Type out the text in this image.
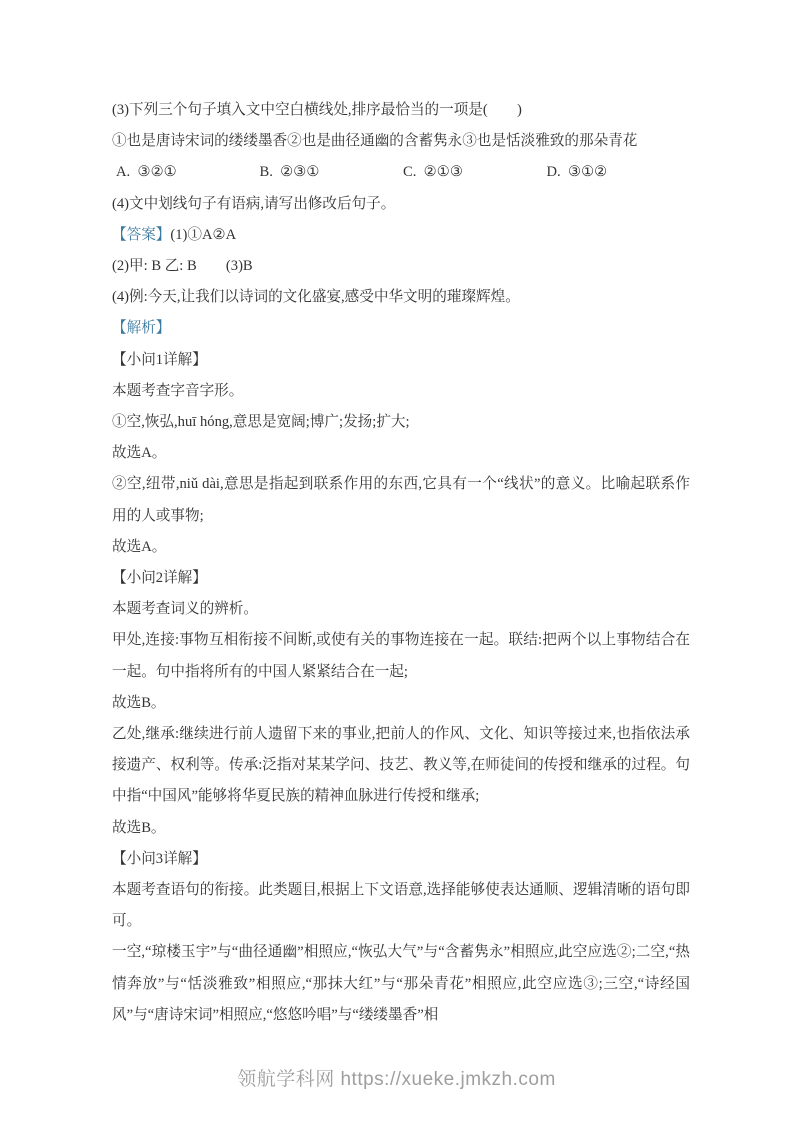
(3)下列三个句子填入文中空白横线处,排序最恰当的一项是(　　)

①也是唐诗宋词的缕缕墨香②也是曲径通幽的含蓄隽永③也是恬淡雅致的那朵青花

A.  ③②①	B.  ②③①	C.  ②①③	D.  ③①②

(4)文中划线句子有语病,请写出修改后句子。

【答案】(1)①A②A

(2)甲: B 乙: B　　(3)B

(4)例:今天,让我们以诗词的文化盛宴,感受中华文明的璀璨辉煌。

【解析】

【小问1详解】

本题考查字音字形。

①空,恢弘,huī hóng,意思是宽阔;博广;发扬;扩大;

故选A。

②空,纽带,niǔ dài,意思是指起到联系作用的东西,它具有一个“线状”的意义。比喻起联系作用的人或事物;

故选A。

【小问2详解】

本题考查词义的辨析。

甲处,连接:事物互相衔接不间断,或使有关的事物连接在一起。联结:把两个以上事物结合在一起。句中指将所有的中国人紧紧结合在一起;

故选B。

乙处,继承:继续进行前人遗留下来的事业,把前人的作风、文化、知识等接过来,也指依法承接遗产、权利等。传承:泛指对某某学问、技艺、教义等,在师徒间的传授和继承的过程。句中指“中国风”能够将华夏民族的精神血脉进行传授和继承;

故选B。

【小问3详解】

本题考查语句的衔接。此类题目,根据上下文语意,选择能够使表达通顺、逻辑清晰的语句即可。

一空,“琼楼玉宇”与“曲径通幽”相照应,“恢弘大气”与“含蓄隽永”相照应,此空应选②;二空,“热情奔放”与“恬淡雅致”相照应,“那抹大红”与“那朵青花”相照应,此空应选③;三空,“诗经国风”与“唐诗宋词”相照应,“悠悠吟唱”与“缕缕墨香”相

领航学科网 https://xueke.jmkzh.com
